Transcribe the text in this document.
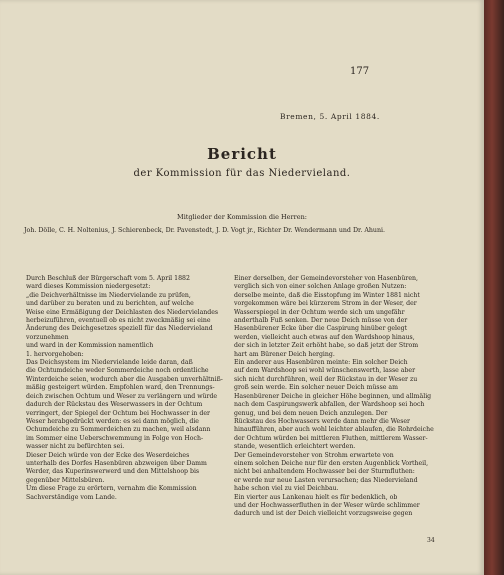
177
Bremen, 5. April 1884.
Bericht
der Kommission für das Niedervieland.
Mitglieder der Kommission die Herren:
Joh. Dölle, C. H. Noltenius, J. Schierenbeck, Dr. Pavenstedt, J. D. Vogt jr., Richter Dr. Wendermann und Dr. Ahuni.
Durch Beschluß der Bürgerschaft vom 5. April 1882
ward dieses Kommission niedergesetzt:
„die Deichverhältnisse im Niedervielande zu prüfen,
und darüber zu beraten und zu berichten, auf welche
Weise eine Ermäßigung der Deichlasten des Niedervielandes
herbeizuführen, eventuell ob es nicht zweckmäßig sei eine
Änderung des Deichgesetzes speziell für das Niedervieland
vorzunehmen
und ward in der Kommission namentlich
1. hervorgehoben:
Das Deichsystem im Niedervielande leide daran, daß
die Ochtumdeiche weder Sommerdeiche noch ordentliche
Winterdeiche seien, wodurch aber die Ausgaben unverhältniß-
mäßig gesteigert würden. Empfohlen ward, den Trennungs-
deich zwischen Ochtum und Weser zu verlängern und würde
dadurch der Rückstau des Weserwassers in der Ochtum
verringert, der Spiegel der Ochtum bei Hochwasser in der
Weser herabgedrückt werden: es sei dann möglich, die
Ochumdeiche zu Sommerdeichen zu machen, weil alsdann
im Sommer eine Ueberschwemmung in Folge von Hoch-
wasser nicht zu befürchten sei.
Dieser Deich würde von der Ecke des Weserdeiches
unterhalb des Dorfes Hasenbüren abzweigen über Damm
Werder, das Kuperinswerwerd und den Mittelshoop bis
gegenüber Mittelsbüren.
Um diese Frage zu erörtern, vernahm die Kommission
Sachverständige vom Lande.
Einer derselben, der Gemeindevorsteher von Hasenbüren,
verglich sich von einer solchen Anlage großen Nutzen:
derselbe meinte, daß die Eisstopfung im Winter 1881 nicht
vorgekommen wäre bei kürzerem Strom in der Weser, der
Wasserspiegel in der Ochtum werde sich um ungefähr
anderthalb Fuß senken. Der neue Deich müsse von der
Hasenbürener Ecke über die Caspirung hinüber gelegt
werden, vielleicht auch etwas auf den Wardshoop hinaus,
der sich in letzter Zeit erhöht habe, so daß jetzt der Strom
hart am Bürener Deich herging.
Ein anderer aus Hasenbüren meinte: Ein solcher Deich
auf dem Wardshoop sei wohl wünschenswerth, lasse aber
sich nicht durchführen, weil der Rückstau in der Weser zu
groß sein werde. Ein solcher neuer Deich müsse am
Hasenbürener Deiche in gleicher Höhe beginnen, und allmälig
nach dem Caspirungswerk abfallen, der Wardshoop sei hoch
genug, und bei dem neuen Deich anzulegen. Der
Rückstau des Hochwassers werde dann mehr die Weser
hinaufführen, aber auch wohl leichter ablaufen, die Rohrdeiche
der Ochtum würden bei mittleren Fluthen, mittlerem Wasser-
stande, wesentlich erleichtert werden.
Der Gemeindevorsteher von Strohm erwartete von
einem solchen Deiche nur für den ersten Augenblick Vortheil,
nicht bei anhaltendem Hochwasser bei der Sturmfluthen:
er werde nur neue Lasten verursachen; das Niedervieland
habe schon viel zu viel Deichbau.
Ein vierter aus Lankenau hielt es für bedenklich, ob
und der Hochwasserfluthen in der Weser würde schlimmer
dadurch und ist der Deich vielleicht vorzugsweise gegen
34
